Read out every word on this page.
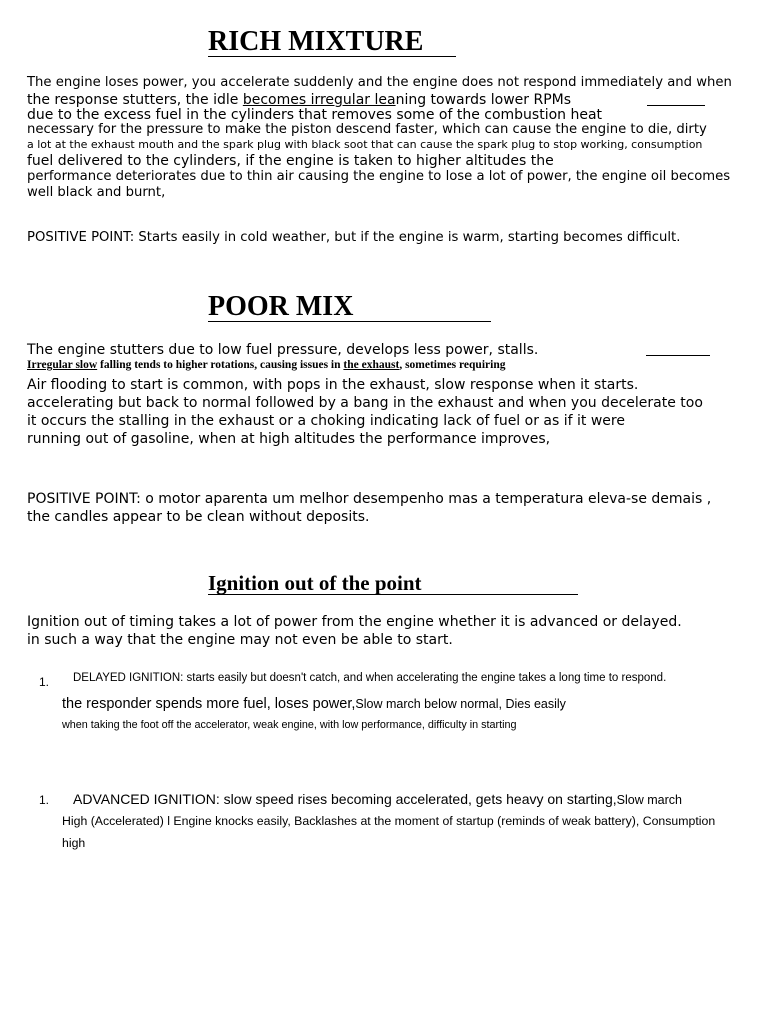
RICH MIXTURE
The engine loses power, you accelerate suddenly and the engine does not respond immediately and when
the response stutters, the idle becomes irregular leaning towards lower RPMs
due to the excess fuel in the cylinders that removes some of the combustion heat
necessary for the pressure to make the piston descend faster, which can cause the engine to die, dirty
a lot at the exhaust mouth and the spark plug with black soot that can cause the spark plug to stop working, consumption
fuel delivered to the cylinders, if the engine is taken to higher altitudes the
performance deteriorates due to thin air causing the engine to lose a lot of power, the engine oil becomes
well black and burnt,
POSITIVE POINT: Starts easily in cold weather, but if the engine is warm, starting becomes difficult.
POOR MIX
The engine stutters due to low fuel pressure, develops less power, stalls.
Irregular slow falling tends to higher rotations, causing issues in the exhaust, sometimes requiring
Air flooding to start is common, with pops in the exhaust, slow response when it starts.
accelerating but back to normal followed by a bang in the exhaust and when you decelerate too
it occurs the stalling in the exhaust or a choking indicating lack of fuel or as if it were
running out of gasoline, when at high altitudes the performance improves,
POSITIVE POINT: o motor aparenta um melhor desempenho mas a temperatura eleva-se demais ,
the candles appear to be clean without deposits.
Ignition out of the point
Ignition out of timing takes a lot of power from the engine whether it is advanced or delayed.
in such a way that the engine may not even be able to start.
1. DELAYED IGNITION: starts easily but doesn't catch, and when accelerating the engine takes a long time to respond.
the responder spends more fuel, loses power,Slow march below normal, Dies easily
when taking the foot off the accelerator, weak engine, with low performance, difficulty in starting
1. ADVANCED IGNITION: slow speed rises becoming accelerated, gets heavy on starting,Slow march
High (Accelerated) l Engine knocks easily, Backlashes at the moment of startup (reminds of weak battery), Consumption
high
